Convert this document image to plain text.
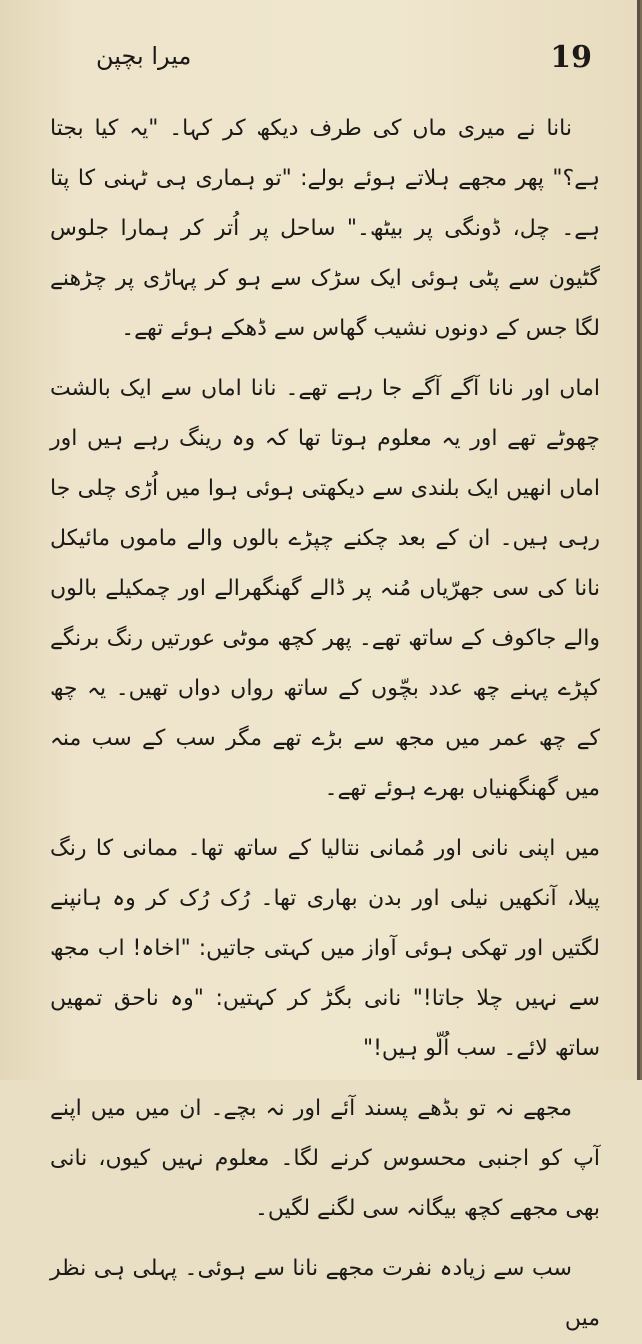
میرا بچپن	19

نانا نے میری ماں کی طرف دیکھ کر کہا۔ "یہ کیا بجتا ہے؟" پھر مجھے ہلاتے ہوئے بولے: "تو ہماری ہی ٹہنی کا پتا ہے۔ چل، ڈونگی پر بیٹھ۔" ساحل پر اُتر کر ہمارا جلوس گٹیون سے پٹی ہوئی ایک سڑک سے ہو کر پہاڑی پر چڑھنے لگا جس کے دونوں نشیب گھاس سے ڈھکے ہوئے تھے۔

اماں اور نانا آگے آگے جا رہے تھے۔ نانا اماں سے ایک بالشت چھوٹے تھے اور یہ معلوم ہوتا تھا کہ وہ رینگ رہے ہیں اور اماں انھیں ایک بلندی سے دیکھتی ہوئی ہوا میں اُڑی چلی جا رہی ہیں۔ ان کے بعد چکنے چپڑے بالوں والے ماموں مائیکل نانا کی سی جھرّیاں مُنہ پر ڈالے گھنگھرالے اور چمکیلے بالوں والے جاکوف کے ساتھ تھے۔ پھر کچھ موٹی عورتیں رنگ برنگے کپڑے پہنے چھ عدد بچّوں کے ساتھ رواں دواں تھیں۔ یہ چھ کے چھ عمر میں مجھ سے بڑے تھے مگر سب کے سب منہ میں گھنگھنیاں بھرے ہوئے تھے۔

میں اپنی نانی اور مُمانی نتالیا کے ساتھ تھا۔ ممانی کا رنگ پیلا، آنکھیں نیلی اور بدن بھاری تھا۔ رُک رُک کر وہ ہانپنے لگتیں اور تھکی ہوئی آواز میں کہتی جاتیں: "اخاہ! اب مجھ سے نہیں چلا جاتا!" نانی بگڑ کر کہتیں: "وہ ناحق تمھیں ساتھ لائے۔ سب اُلّو ہیں!"

مجھے نہ تو بڈھے پسند آئے اور نہ بچے۔ ان میں میں اپنے آپ کو اجنبی محسوس کرنے لگا۔ معلوم نہیں کیوں، نانی بھی مجھے کچھ بیگانہ سی لگنے لگیں۔

سب سے زیادہ نفرت مجھے نانا سے ہوئی۔ پہلی ہی نظر میں
